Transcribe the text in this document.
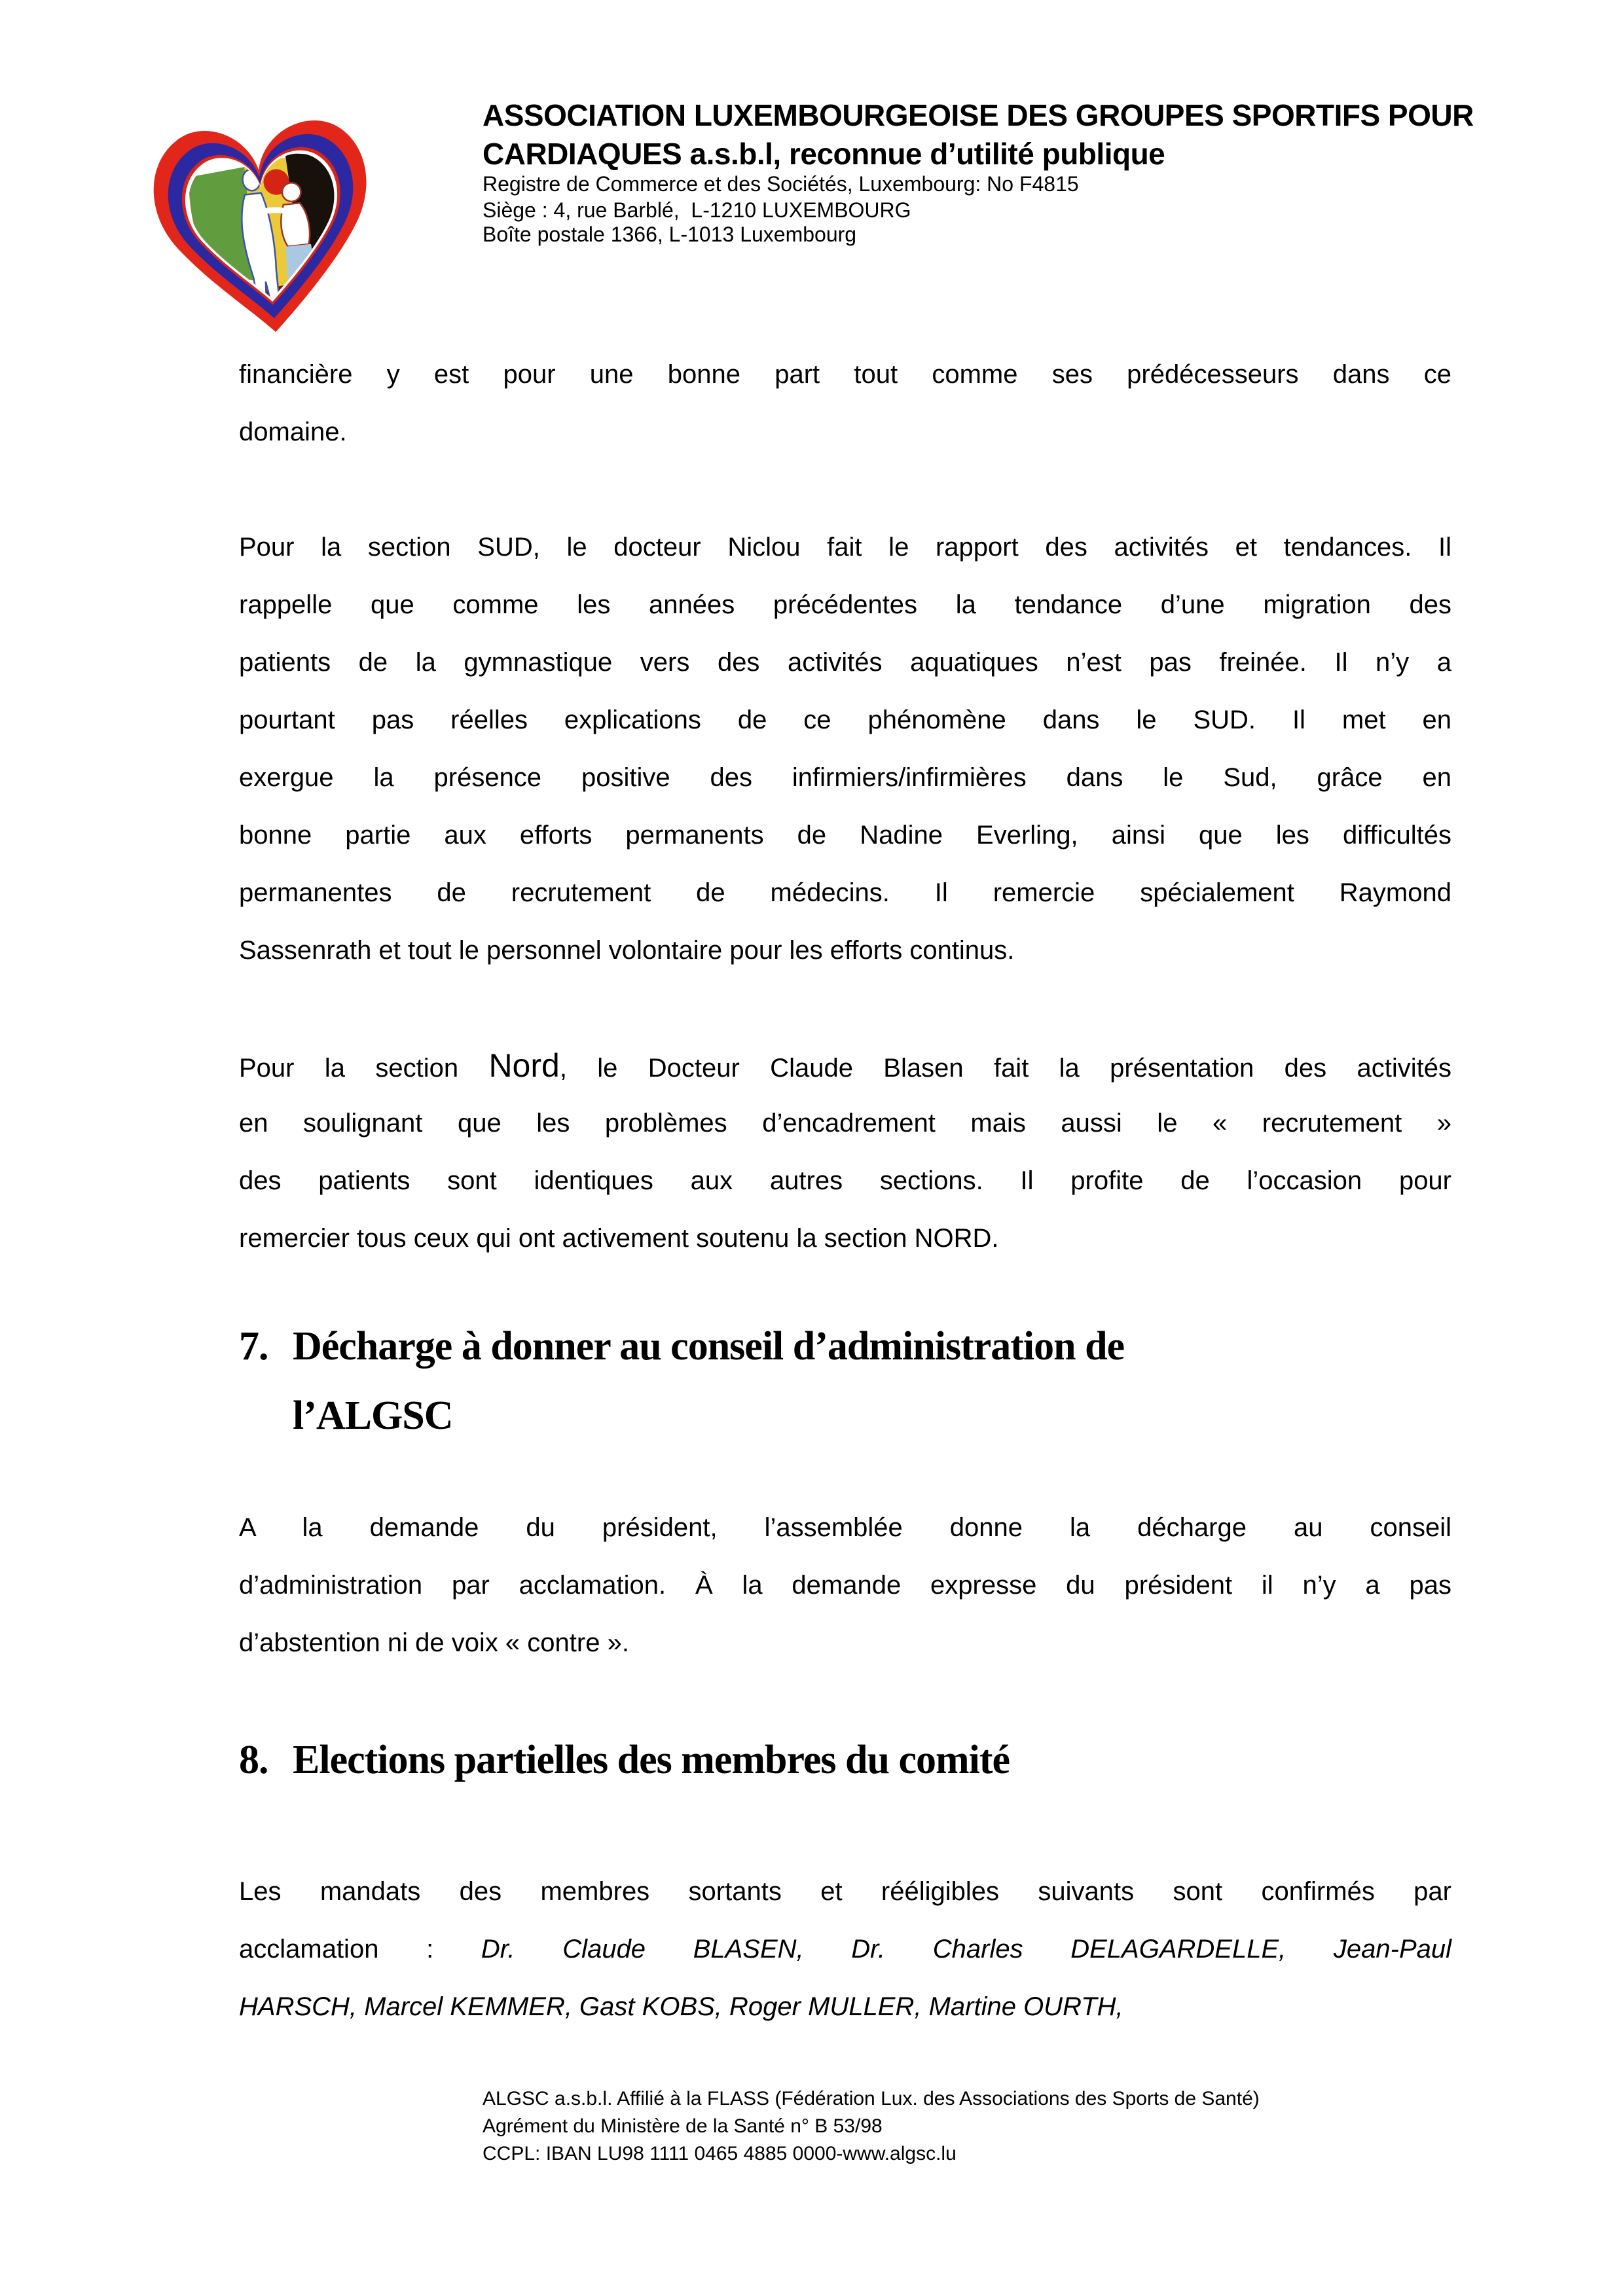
ASSOCIATION LUXEMBOURGEOISE DES GROUPES SPORTIFS POUR
CARDIAQUES a.s.b.l, reconnue d’utilité publique
Registre de Commerce et des Sociétés, Luxembourg: No F4815
Siège : 4, rue Barblé,  L-1210 LUXEMBOURG
Boîte postale 1366, L-1013 Luxembourg
financière y est pour une bonne part tout comme ses prédécesseurs dans ce
domaine.
Pour la section SUD, le docteur Niclou fait le rapport des activités et tendances. Il
rappelle que comme les années précédentes la tendance d’une migration des
patients de la gymnastique vers des activités aquatiques n’est pas freinée. Il n’y a
pourtant pas réelles explications de ce phénomène dans le SUD. Il met en
exergue la présence positive des infirmiers/infirmières dans le Sud, grâce en
bonne partie aux efforts permanents de Nadine Everling, ainsi que les difficultés
permanentes de recrutement de médecins. Il remercie spécialement Raymond
Sassenrath et tout le personnel volontaire pour les efforts continus.
Pour la section Nord, le Docteur Claude Blasen fait la présentation des activités
en soulignant que les problèmes d’encadrement mais aussi le « recrutement »
des patients sont identiques aux autres sections. Il profite de l’occasion pour
remercier tous ceux qui ont activement soutenu la section NORD.
7. Décharge à donner au conseil d’administration de
l’ALGSC
A la demande du président, l’assemblée donne la décharge au conseil
d’administration par acclamation. À la demande expresse du président il n’y a pas
d’abstention ni de voix « contre ».
8. Elections partielles des membres du comité
Les mandats des membres sortants et rééligibles suivants sont confirmés par
acclamation : Dr. Claude BLASEN, Dr. Charles DELAGARDELLE, Jean-Paul
HARSCH, Marcel KEMMER, Gast KOBS, Roger MULLER, Martine OURTH,
ALGSC a.s.b.l. Affilié à la FLASS (Fédération Lux. des Associations des Sports de Santé)
Agrément du Ministère de la Santé n° B 53/98
CCPL: IBAN LU98 1111 0465 4885 0000-www.algsc.lu
